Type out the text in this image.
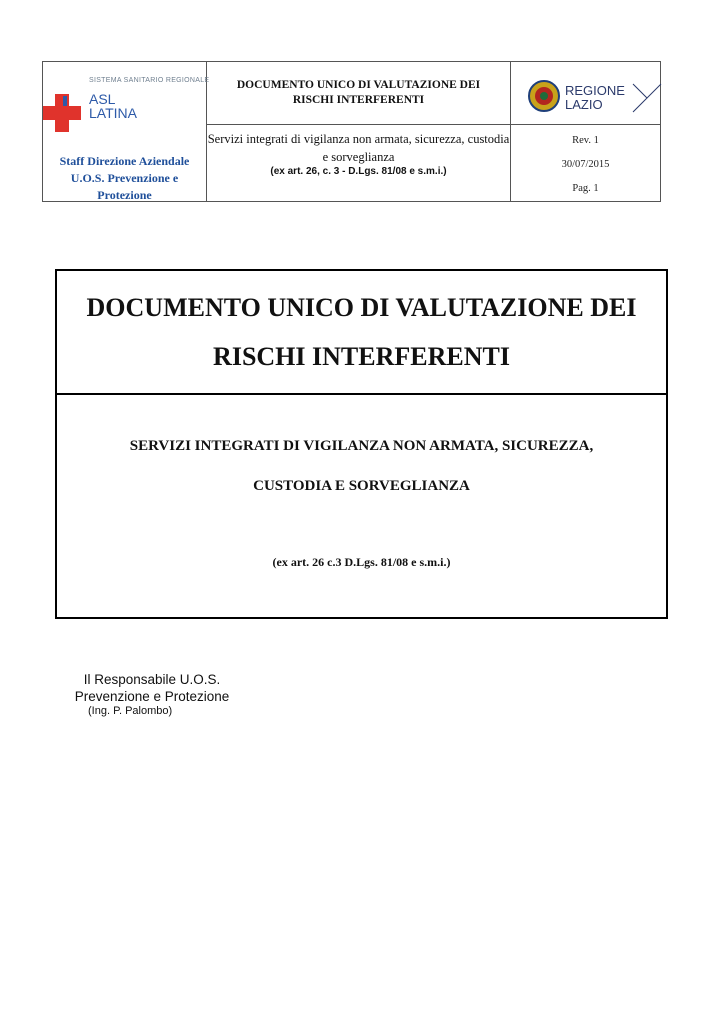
SISTEMA SANITARIO REGIONALE
ASL
LATINA
Staff Direzione Aziendale
U.O.S. Prevenzione e Protezione
DOCUMENTO UNICO DI VALUTAZIONE DEI RISCHI INTERFERENTI
Servizi integrati di vigilanza non armata, sicurezza, custodia e sorveglianza
(ex art. 26, c. 3 - D.Lgs. 81/08 e s.m.i.)
REGIONE
LAZIO
Rev. 1
30/07/2015
Pag. 1
DOCUMENTO UNICO DI VALUTAZIONE DEI RISCHI INTERFERENTI
SERVIZI INTEGRATI DI VIGILANZA NON ARMATA, SICUREZZA,
CUSTODIA E SORVEGLIANZA
(ex art. 26 c.3 D.Lgs. 81/08 e s.m.i.)
Il Responsabile U.O.S.
Prevenzione e Protezione
(Ing. P. Palombo)
